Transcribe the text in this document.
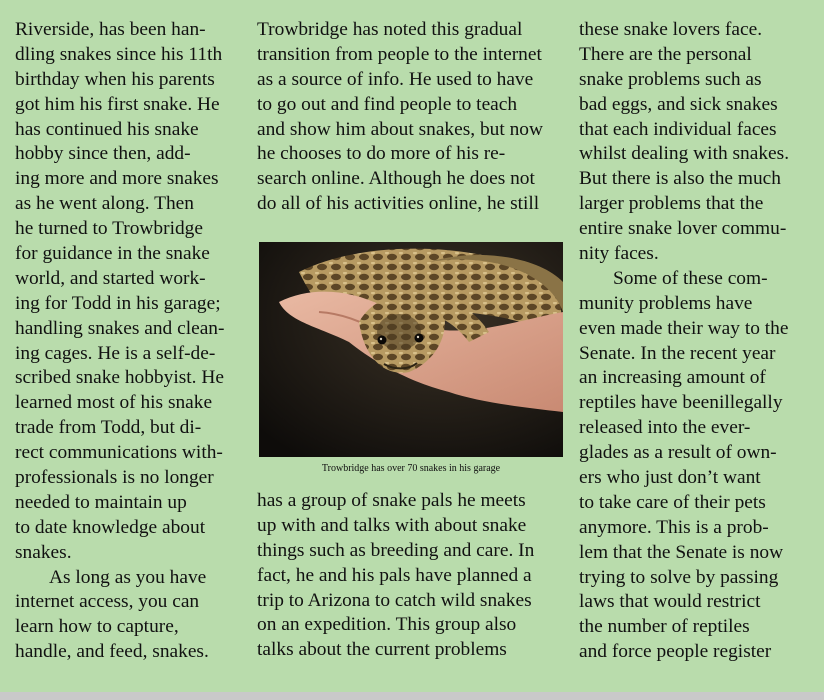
Riverside, has been han-
dling snakes since his 11th
birthday when his parents
got him his first snake. He
has continued his snake
hobby since then, add-
ing more and more snakes
as he went along. Then
he turned to Trowbridge
for guidance in the snake
world, and started work-
ing for Todd in his garage;
handling snakes and clean-
ing cages. He is a self-de-
scribed snake hobbyist. He
learned most of his snake
trade from Todd, but di-
rect communications with-
professionals is no longer
needed to maintain up
to date knowledge about
snakes.
As long as you have
internet access, you can
learn how to capture,
handle, and feed, snakes.
Trowbridge has noted this gradual
transition from people to the internet
as a source of info. He used to have
to go out and find people to teach
and show him about snakes, but now
he chooses to do more of his re-
search online. Although he does not
do all of his activities online, he still
Trowbridge has over 70 snakes in his garage
has a group of snake pals he meets
up with and talks with about snake
things such as breeding and care. In
fact, he and his pals have planned a
trip to Arizona to catch wild snakes
on an expedition. This group also
talks about the current problems
these snake lovers face.
There are the personal
snake problems such as
bad eggs, and sick snakes
that each individual faces
whilst dealing with snakes.
But there is also the much
larger problems that the
entire snake lover commu-
nity faces.
Some of these com-
munity problems have
even made their way to the
Senate. In the recent year
an increasing amount of
reptiles have beenillegally
released into the ever-
glades as a result of own-
ers who just don’t want
to take care of their pets
anymore. This is a prob-
lem that the Senate is now
trying to solve by passing
laws that would restrict
the number of reptiles
and force people register
